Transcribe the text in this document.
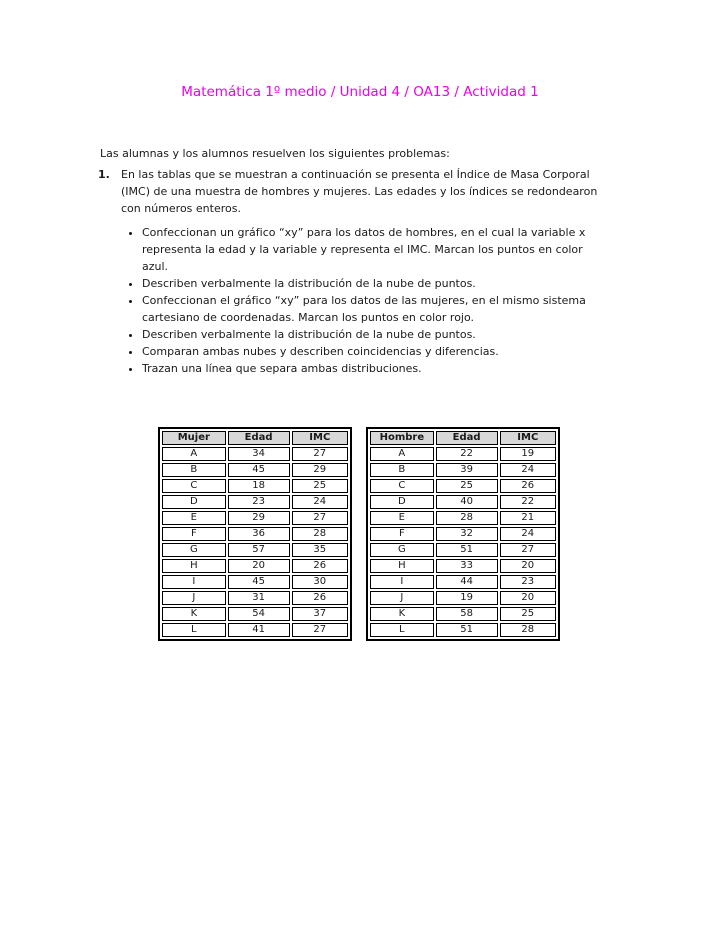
Matemática 1º medio / Unidad 4 / OA13 / Actividad 1
Las alumnas y los alumnos resuelven los siguientes problemas:
1.	En las tablas que se muestran a continuación se presenta el Índice de Masa Corporal (IMC) de una muestra de hombres y mujeres. Las edades y los índices se redondearon con números enteros.

• Confeccionan un gráfico “xy” para los datos de hombres, en el cual la variable x representa la edad y la variable y representa el IMC. Marcan los puntos en color azul.
• Describen verbalmente la distribución de la nube de puntos.
• Confeccionan el gráfico “xy” para los datos de las mujeres, en el mismo sistema cartesiano de coordenadas. Marcan los puntos en color rojo.
• Describen verbalmente la distribución de la nube de puntos.
• Comparan ambas nubes y describen coincidencias y diferencias.
• Trazan una línea que separa ambas distribuciones.
Mujer	Edad	IMC
A	34	27
B	45	29
C	18	25
D	23	24
E	29	27
F	36	28
G	57	35
H	20	26
I	45	30
J	31	26
K	54	37
L	41	27
Hombre	Edad	IMC
A	22	19
B	39	24
C	25	26
D	40	22
E	28	21
F	32	24
G	51	27
H	33	20
I	44	23
J	19	20
K	58	25
L	51	28
